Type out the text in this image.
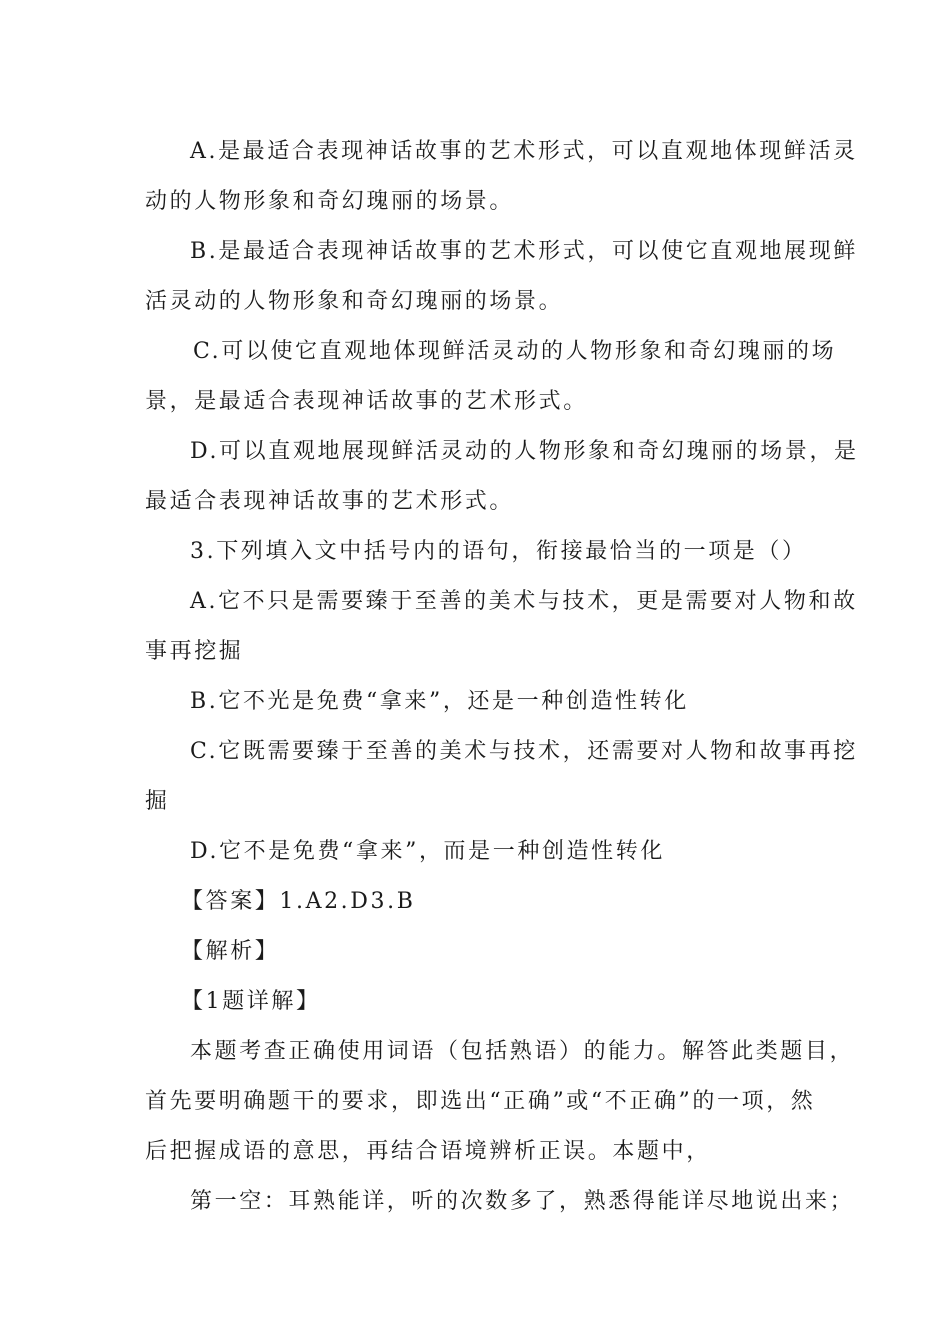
A.是最适合表现神话故事的艺术形式，可以直观地体现鲜活灵
动的人物形象和奇幻瑰丽的场景。
B.是最适合表现神话故事的艺术形式，可以使它直观地展现鲜
活灵动的人物形象和奇幻瑰丽的场景。
C.可以使它直观地体现鲜活灵动的人物形象和奇幻瑰丽的场
景，是最适合表现神话故事的艺术形式。
D.可以直观地展现鲜活灵动的人物形象和奇幻瑰丽的场景，是
最适合表现神话故事的艺术形式。
3.下列填入文中括号内的语句，衔接最恰当的一项是（）
A.它不只是需要臻于至善的美术与技术，更是需要对人物和故
事再挖掘
B.它不光是免费“拿来”，还是一种创造性转化
C.它既需要臻于至善的美术与技术，还需要对人物和故事再挖
掘
D.它不是免费“拿来”，而是一种创造性转化
【答案】1.A2.D3.B
【解析】
【1题详解】
本题考查正确使用词语（包括熟语）的能力。解答此类题目，
首先要明确题干的要求，即选出“正确”或“不正确”的一项，然
后把握成语的意思，再结合语境辨析正误。本题中，
第一空：耳熟能详，听的次数多了，熟悉得能详尽地说出来；
